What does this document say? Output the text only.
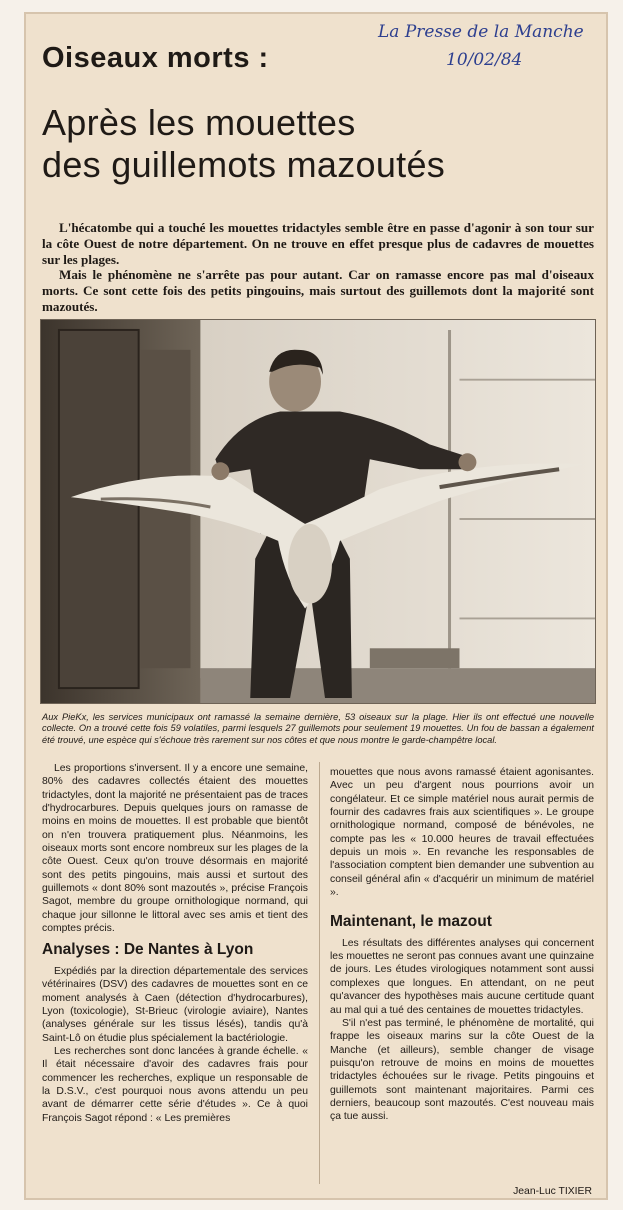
La Presse de la Manche
10/02/84
Oiseaux morts :
Après les mouettes
des guillemots mazoutés

L'hécatombe qui a touché les mouettes tridactyles semble être en passe d'agonir à son tour sur la côte Ouest de notre département. On ne trouve en effet presque plus de cadavres de mouettes sur les plages.

Mais le phénomène ne s'arrête pas pour autant. Car on ramasse encore pas mal d'oiseaux morts. Ce sont cette fois des petits pingouins, mais surtout des guillemots dont la majorité sont mazoutés.

Aux PieKx, les services municipaux ont ramassé la semaine dernière, 53 oiseaux sur la plage. Hier ils ont effectué une nouvelle collecte. On a trouvé cette fois 59 volatiles, parmi lesquels 27 guillemots pour seulement 19 mouettes. Un fou de bassan a également été trouvé, une espèce qui s'échoue très rarement sur nos côtes et que nous montre le garde-champêtre local.

Les proportions s'inversent. Il y a encore une semaine, 80% des cadavres collectés étaient des mouettes tridactyles, dont la majorité ne présentaient pas de traces d'hydrocarbures. Depuis quelques jours on ramasse de moins en moins de mouettes. Il est probable que bientôt on n'en trouvera pratiquement plus. Néanmoins, les oiseaux morts sont encore nombreux sur les plages de la côte Ouest. Ceux qu'on trouve désormais en majorité sont des petits pingouins, mais aussi et surtout des guillemots « dont 80% sont mazoutés », précise François Sagot, membre du groupe ornithologique normand, qui chaque jour sillonne le littoral avec ses amis et tient des comptes précis.

Analyses : De Nantes à Lyon

Expédiés par la direction départementale des services vétérinaires (DSV) des cadavres de mouettes sont en ce moment analysés à Caen (détection d'hydrocarbures), Lyon (toxicologie), St-Brieuc (virologie aviaire), Nantes (analyses générale sur les tissus lésés), tandis qu'à Saint-Lô on étudie plus spécialement la bactériologie.

Les recherches sont donc lancées à grande échelle. « Il était nécessaire d'avoir des cadavres frais pour commencer les recherches, explique un responsable de la D.S.V., c'est pourquoi nous avons attendu un peu avant de démarrer cette série d'études ». Ce à quoi François Sagot répond : « Les premières

mouettes que nous avons ramassé étaient agonisantes. Avec un peu d'argent nous pourrions avoir un congélateur. Et ce simple matériel nous aurait permis de fournir des cadavres frais aux scientifiques ». Le groupe ornithologique normand, composé de bénévoles, ne compte pas les « 10.000 heures de travail effectuées depuis un mois ». En revanche les responsables de l'association comptent bien demander une subvention au conseil général afin « d'acquérir un minimum de matériel ».

Maintenant, le mazout

Les résultats des différentes analyses qui concernent les mouettes ne seront pas connues avant une quinzaine de jours. Les études virologiques notamment sont aussi complexes que longues. En attendant, on ne peut qu'avancer des hypothèses mais aucune certitude quant au mal qui a tué des centaines de mouettes tridactyles.

S'il n'est pas terminé, le phénomène de mortalité, qui frappe les oiseaux marins sur la côte Ouest de la Manche (et ailleurs), semble changer de visage puisqu'on retrouve de moins en moins de mouettes tridactyles échouées sur le rivage. Petits pingouins et guillemots sont maintenant majoritaires. Parmi ces derniers, beaucoup sont mazoutés. C'est nouveau mais ça tue aussi.

Jean-Luc TIXIER
